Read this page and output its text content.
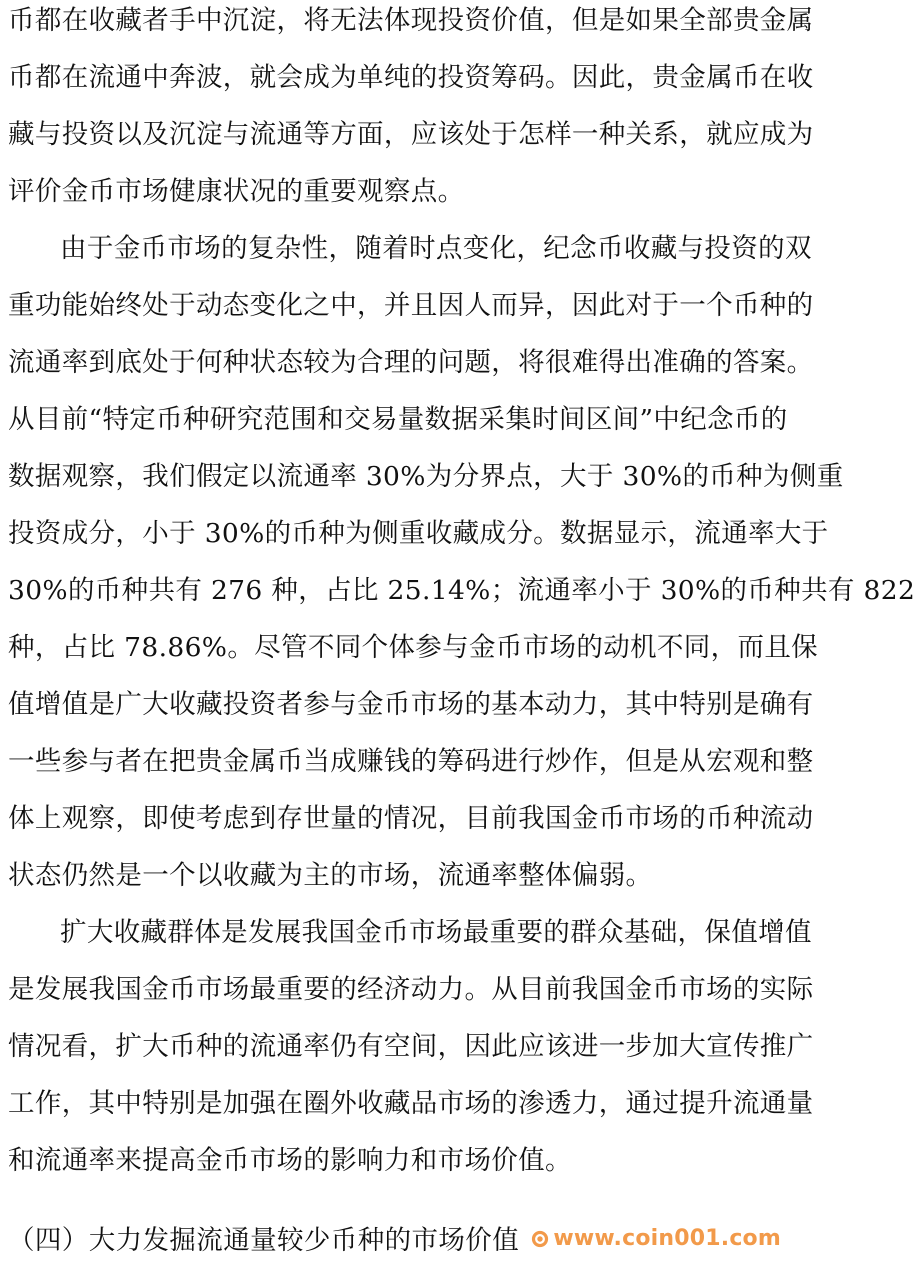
币都在收藏者手中沉淀，将无法体现投资价值，但是如果全部贵金属
币都在流通中奔波，就会成为单纯的投资筹码。因此，贵金属币在收
藏与投资以及沉淀与流通等方面，应该处于怎样一种关系，就应成为
评价金币市场健康状况的重要观察点。
由于金币市场的复杂性，随着时点变化，纪念币收藏与投资的双
重功能始终处于动态变化之中，并且因人而异，因此对于一个币种的
流通率到底处于何种状态较为合理的问题，将很难得出准确的答案。
从目前“特定币种研究范围和交易量数据采集时间区间”中纪念币的
数据观察，我们假定以流通率 30%为分界点，大于 30%的币种为侧重
投资成分，小于 30%的币种为侧重收藏成分。数据显示，流通率大于
30%的币种共有 276 种，占比 25.14%；流通率小于 30%的币种共有 822
种，占比 78.86%。尽管不同个体参与金币市场的动机不同，而且保
值增值是广大收藏投资者参与金币市场的基本动力，其中特别是确有
一些参与者在把贵金属币当成赚钱的筹码进行炒作，但是从宏观和整
体上观察，即使考虑到存世量的情况，目前我国金币市场的币种流动
状态仍然是一个以收藏为主的市场，流通率整体偏弱。
扩大收藏群体是发展我国金币市场最重要的群众基础，保值增值
是发展我国金币市场最重要的经济动力。从目前我国金币市场的实际
情况看，扩大币种的流通率仍有空间，因此应该进一步加大宣传推广
工作，其中特别是加强在圈外收藏品市场的渗透力，通过提升流通量
和流通率来提高金币市场的影响力和市场价值。
（四）大力发掘流通量较少币种的市场价值 www.coin001.com
